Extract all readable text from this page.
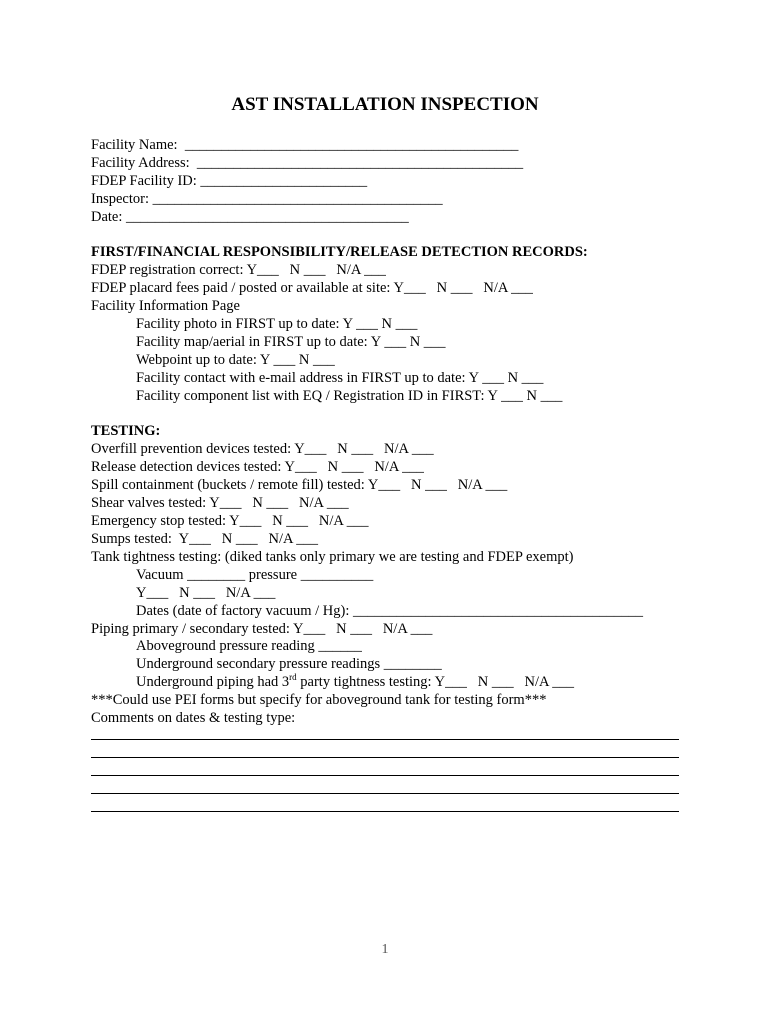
AST INSTALLATION INSPECTION
Facility Name:  ______________________________________________
Facility Address:  _____________________________________________
FDEP Facility ID: _______________________
Inspector: ________________________________________
Date: _______________________________________
FIRST/FINANCIAL RESPONSIBILITY/RELEASE DETECTION RECORDS:
FDEP registration correct: Y___   N ___   N/A ___
FDEP placard fees paid / posted or available at site: Y___   N ___   N/A ___
Facility Information Page
Facility photo in FIRST up to date: Y ___ N ___
Facility map/aerial in FIRST up to date: Y ___ N ___
Webpoint up to date: Y ___ N ___
Facility contact with e-mail address in FIRST up to date: Y ___ N ___
Facility component list with EQ / Registration ID in FIRST: Y ___ N ___
TESTING:
Overfill prevention devices tested: Y___   N ___   N/A ___
Release detection devices tested: Y___   N ___   N/A ___
Spill containment (buckets / remote fill) tested: Y___   N ___   N/A ___
Shear valves tested: Y___   N ___   N/A ___
Emergency stop tested: Y___   N ___   N/A ___
Sumps tested:  Y___   N ___   N/A ___
Tank tightness testing: (diked tanks only primary we are testing and FDEP exempt)
Vacuum ________ pressure __________
Y___   N ___   N/A ___
Dates (date of factory vacuum / Hg): ________________________________________
Piping primary / secondary tested: Y___   N ___   N/A ___
Aboveground pressure reading ______
Underground secondary pressure readings ________
Underground piping had 3rd party tightness testing: Y___   N ___   N/A ___
***Could use PEI forms but specify for aboveground tank for testing form***
Comments on dates & testing type:
1
